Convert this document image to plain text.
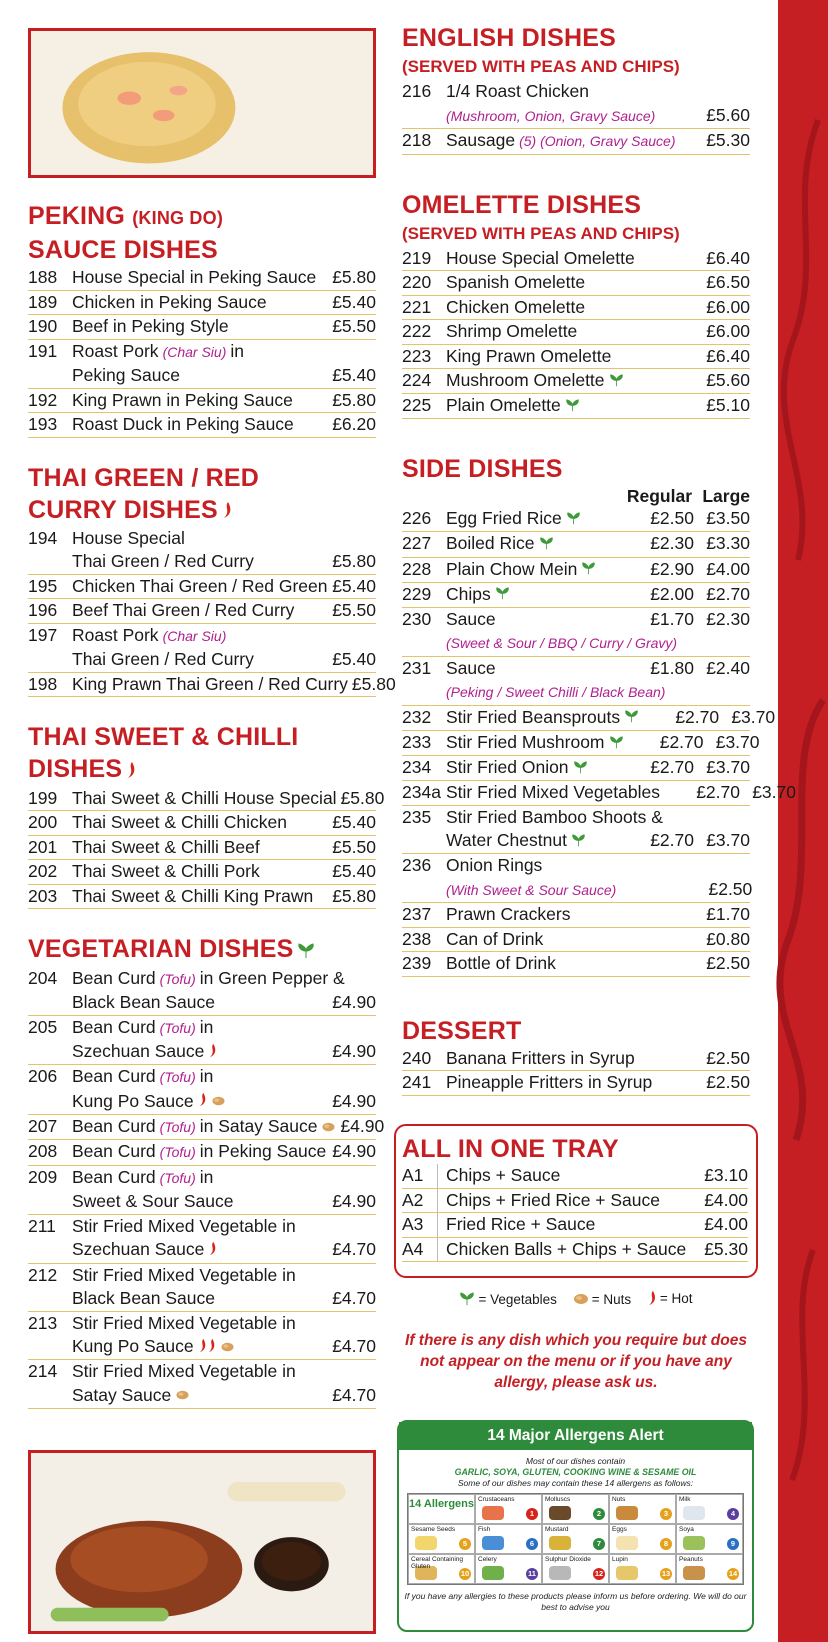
PEKING (KING DO)
SAUCE DISHES
188 House Special in Peking Sauce £5.80
189 Chicken in Peking Sauce	£5.40
190 Beef in Peking Style	£5.50
191 Roast Pork (Char Siu) in
Peking Sauce	£5.40
192 King Prawn in Peking Sauce	£5.80
193 Roast Duck in Peking Sauce	£6.20
THAI GREEN / RED
CURRY DISHES
194 House Special
Thai Green / Red Curry	£5.80
195 Chicken Thai Green / Red Green £5.40
196 Beef Thai Green / Red Curry	£5.50
197 Roast Pork (Char Siu)
Thai Green / Red Curry	£5.40
198 King Prawn Thai Green / Red Curry £5.80
THAI SWEET & CHILLI
DISHES
199 Thai Sweet & Chilli House Special £5.80
200 Thai Sweet & Chilli Chicken	£5.40
201 Thai Sweet & Chilli Beef	£5.50
202 Thai Sweet & Chilli Pork	£5.40
203 Thai Sweet & Chilli King Prawn	£5.80
VEGETARIAN DISHES
204 Bean Curd (Tofu) in Green Pepper &
Black Bean Sauce	£4.90
205 Bean Curd (Tofu) in
Szechuan Sauce	£4.90
206 Bean Curd (Tofu) in
Kung Po Sauce	£4.90
207 Bean Curd (Tofu) in Satay Sauce	£4.90
208 Bean Curd (Tofu) in Peking Sauce £4.90
209 Bean Curd (Tofu) in
Sweet & Sour Sauce	£4.90
211 Stir Fried Mixed Vegetable in
Szechuan Sauce	£4.70
212 Stir Fried Mixed Vegetable in
Black Bean Sauce	£4.70
213 Stir Fried Mixed Vegetable in
Kung Po Sauce	£4.70
214 Stir Fried Mixed Vegetable in
Satay Sauce	£4.70
ENGLISH DISHES
(SERVED WITH PEAS AND CHIPS)
216 1/4 Roast Chicken
(Mushroom, Onion, Gravy Sauce)	£5.60
218 Sausage (5) (Onion, Gravy Sauce)	£5.30
OMELETTE DISHES
(SERVED WITH PEAS AND CHIPS)
219 House Special Omelette	£6.40
220 Spanish Omelette	£6.50
221 Chicken Omelette	£6.00
222 Shrimp Omelette	£6.00
223 King Prawn Omelette	£6.40
224 Mushroom Omelette	£5.60
225 Plain Omelette	£5.10
SIDE DISHES
Regular Large
226 Egg Fried Rice	£2.50 £3.50
227 Boiled Rice	£2.30 £3.30
228 Plain Chow Mein	£2.90 £4.00
229 Chips	£2.00 £2.70
230 Sauce	£1.70 £2.30
(Sweet & Sour / BBQ / Curry / Gravy)
231 Sauce	£1.80 £2.40
(Peking / Sweet Chilli / Black Bean)
232 Stir Fried Beansprouts	£2.70 £3.70
233 Stir Fried Mushroom	£2.70 £3.70
234 Stir Fried Onion	£2.70 £3.70
234a Stir Fried Mixed Vegetables	£2.70 £3.70
235 Stir Fried Bamboo Shoots &
Water Chestnut	£2.70 £3.70
236 Onion Rings
(With Sweet & Sour Sauce)	£2.50
237 Prawn Crackers	£1.70
238 Can of Drink	£0.80
239 Bottle of Drink	£2.50
DESSERT
240 Banana Fritters in Syrup	£2.50
241 Pineapple Fritters in Syrup	£2.50
ALL IN ONE TRAY
A1	Chips + Sauce	£3.10
A2	Chips + Fried Rice + Sauce	£4.00
A3	Fried Rice + Sauce	£4.00
A4	Chicken Balls + Chips + Sauce	£5.30
= Vegetables
	= Nuts
= Hot
If there is any dish which you require but does not appear on the menu or if you have any allergy, please ask us.
14 Major Allergens Alert
Most of our dishes contain
GARLIC, SOYA, GLUTEN, COOKING WINE & SESAME OIL
Some of our dishes may contain these 14 allergens as follows:
14 Allergens Crustaceans
1
Molluscs
2
Nuts
3
Milk
4
Sesame Seeds
5
Fish
6
Mustard
7
Eggs
8
Soya
9
Cereal Containing Gluten
10
Celery
11
Sulphur Dioxide
12
Lupin
13
Peanuts
14
If you have any allergies to these products please inform us before ordering. We will do our best to advise you
